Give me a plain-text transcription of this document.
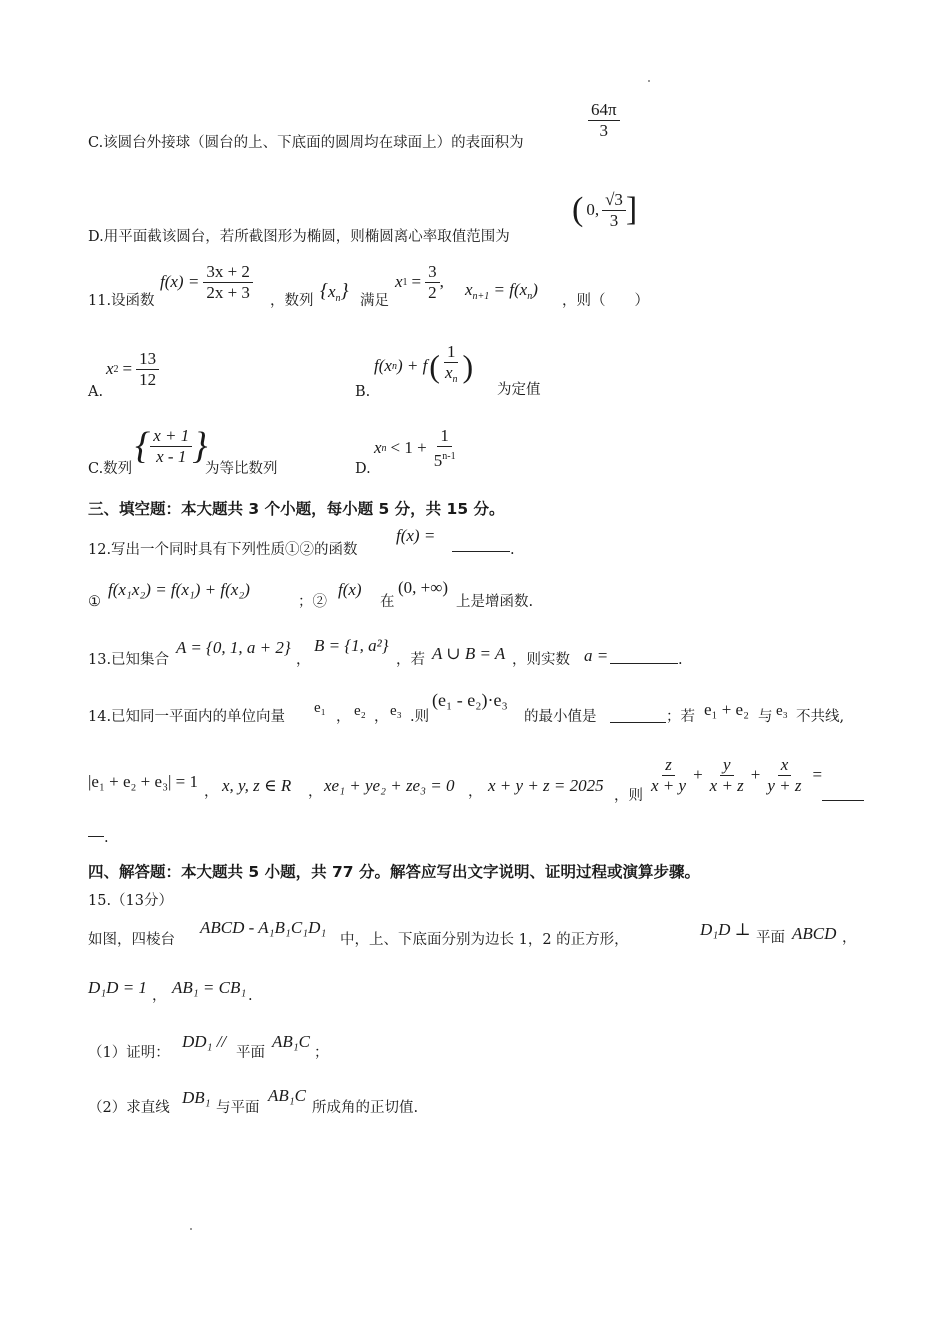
C.该圆台外接球（圆台的上、下底面的圆周均在球面上）的表面积为
$\frac{64\pi}{3}$
D.用平面截该圆台，若所截图形为椭圆，则椭圆离心率取值范围为
( 0, $\frac{√3}{3}$ ]
11.设函数
$f(x) = \frac{3x + 2}{2x + 3}$ ，数列 $\{x_n\}$ 满足
x $1 = \frac{3}{2}$ , $x_{n+1} = f(x_n)$
，则（　　）
A.
x $2 = \frac{13}{12}$
B.
f(x n ) + f ( $\frac{1}{x_n}$ )
为定值
C.数列
{ $\frac{x + 1}{x - 1}$ }
为等比数列	D.
x $n < 1 + \frac{1}{5^{n-1}}$
三、填空题：本大题共 3 个小题，每小题 5 分，共 15 分。
12.写出一个同时具有下列性质①②的函数
f(x) =
.
①
f(x₁x₂) = f(x₁) + f(x₂)
；②
f(x)
在
(0, +∞)
上是增函数.
13.已知集合
A = {0, 1, a + 2}
，
B = {1, a²}
，若 A ∪ B = A ，则实数 a =	.
14.已知同一平面内的单位向量
e₁
， e₂ ， e₃ .则
(e₁ - e₂)·e₃
的最小值是	；若 e₁ + e₂ 与 e₃ 不共线,
|e₁ + e₂ + e₃| = 1
， x, y, z ∈ R ， xe₁ + ye₂ + ze₃ = 0 ， x + y + z = 2025
，则
$\frac{z}{x + y} + \frac{y}{x + z} + \frac{x}{y + z}$ =
.
四、解答题：本大题共 5 小题，共 77 分。解答应写出文字说明、证明过程或演算步骤。
15.（13分）
如图，四棱台
ABCD - A₁B₁C₁D₁
中，上、下底面分别为边长 1，2 的正方形，
D₁D ⊥ 平面 ABCD ，
D₁D = 1 ， AB₁ = CB₁ .
（1）证明：
DD₁ //
平面
AB₁C
；
（2）求直线
DB₁
与平面
AB₁C
所成角的正切值.
